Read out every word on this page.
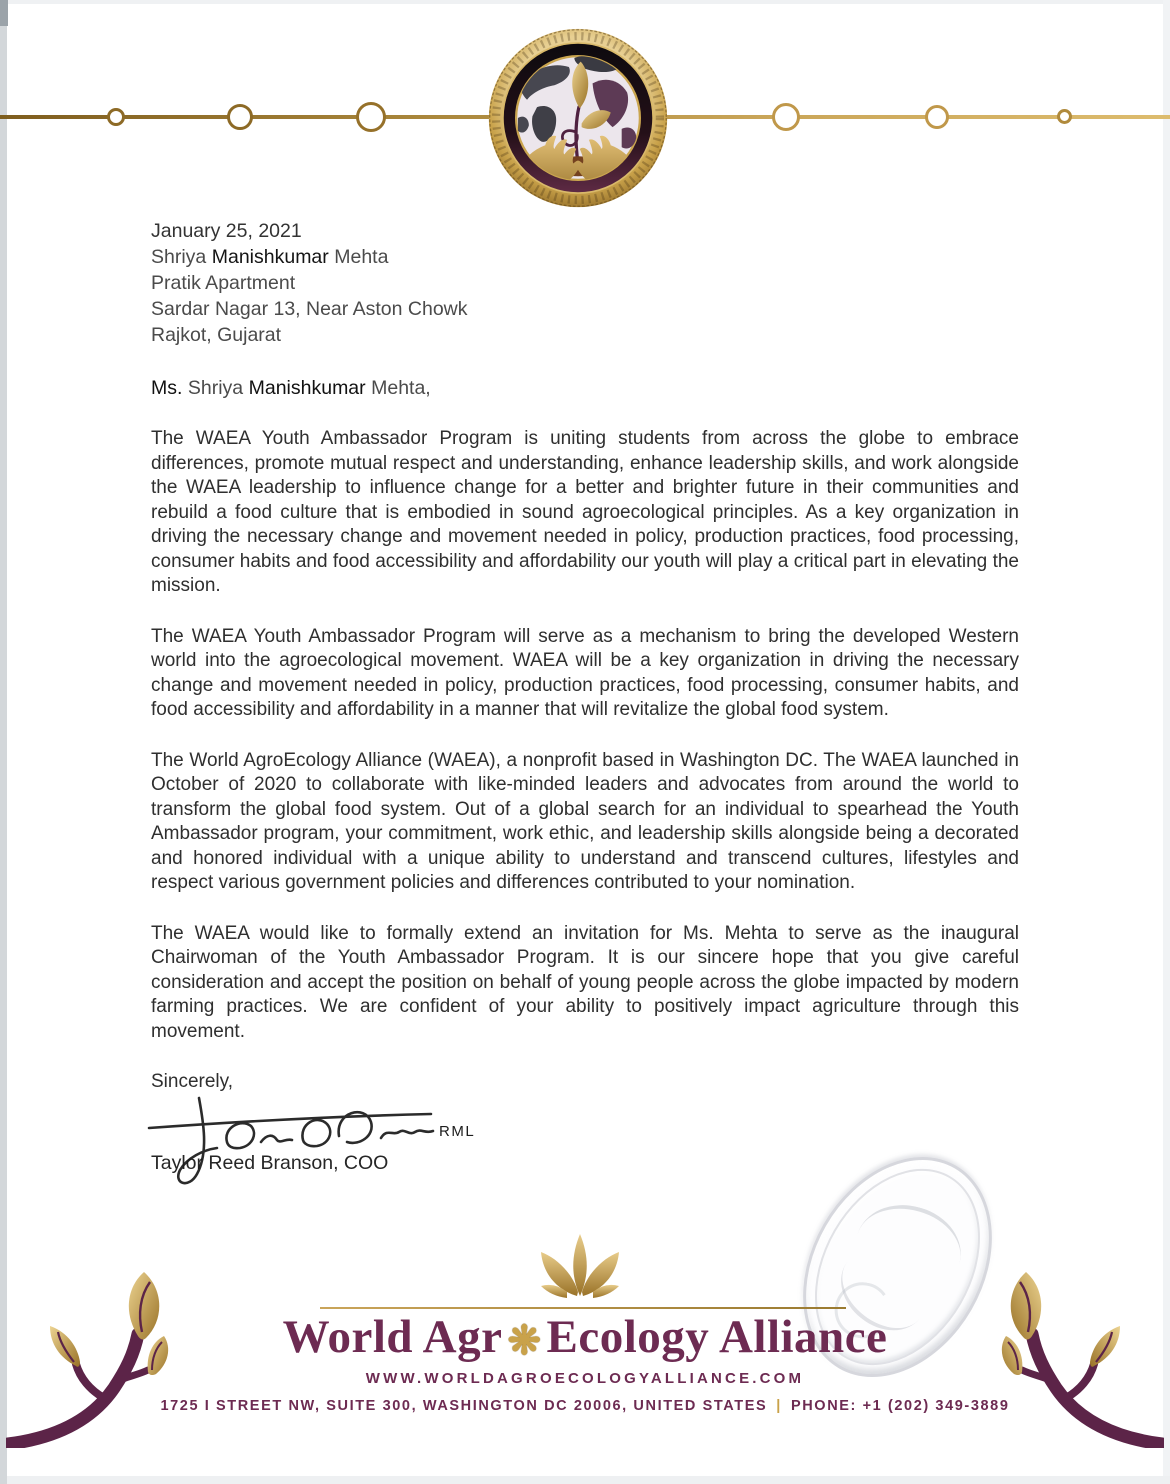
January 25, 2021
Shriya Manishkumar Mehta
Pratik Apartment
Sardar Nagar 13, Near Aston Chowk
Rajkot, Gujarat
Ms. Shriya Manishkumar Mehta,

The WAEA Youth Ambassador Program is uniting students from across the globe to embrace differences, promote mutual respect and understanding, enhance leadership skills, and work alongside the WAEA leadership to influence change for a better and brighter future in their communities and rebuild a food culture that is embodied in sound agroecological principles. As a key organization in driving the necessary change and movement needed in policy, production practices, food processing, consumer habits and food accessibility and affordability our youth will play a critical part in elevating the mission.

The WAEA Youth Ambassador Program will serve as a mechanism to bring the developed Western world into the agroecological movement. WAEA will be a key organization in driving the necessary change and movement needed in policy, production practices, food processing, consumer habits, and food accessibility and affordability in a manner that will revitalize the global food system.

The World AgroEcology Alliance (WAEA), a nonprofit based in Washington DC. The WAEA launched in October of 2020 to collaborate with like-minded leaders and advocates from around the world to transform the global food system. Out of a global search for an individual to spearhead the Youth Ambassador program, your commitment, work ethic, and leadership skills alongside being a decorated and honored individual with a unique ability to understand and transcend cultures, lifestyles and respect various government policies and differences contributed to your nomination.

The WAEA would like to formally extend an invitation for Ms. Mehta to serve as the inaugural Chairwoman of the Youth Ambassador Program. It is our sincere hope that you give careful consideration and accept the position on behalf of young people across the globe impacted by modern farming practices. We are confident of your ability to positively impact agriculture through this movement.

Sincerely,
RML
Taylor Reed Branson, COO
World Agr ❋ Ecology Alliance
WWW.WORLDAGROECOLOGYALLIANCE.COM
1725 I STREET NW, SUITE 300, WASHINGTON DC 20006, UNITED STATES | PHONE: +1 (202) 349-3889
